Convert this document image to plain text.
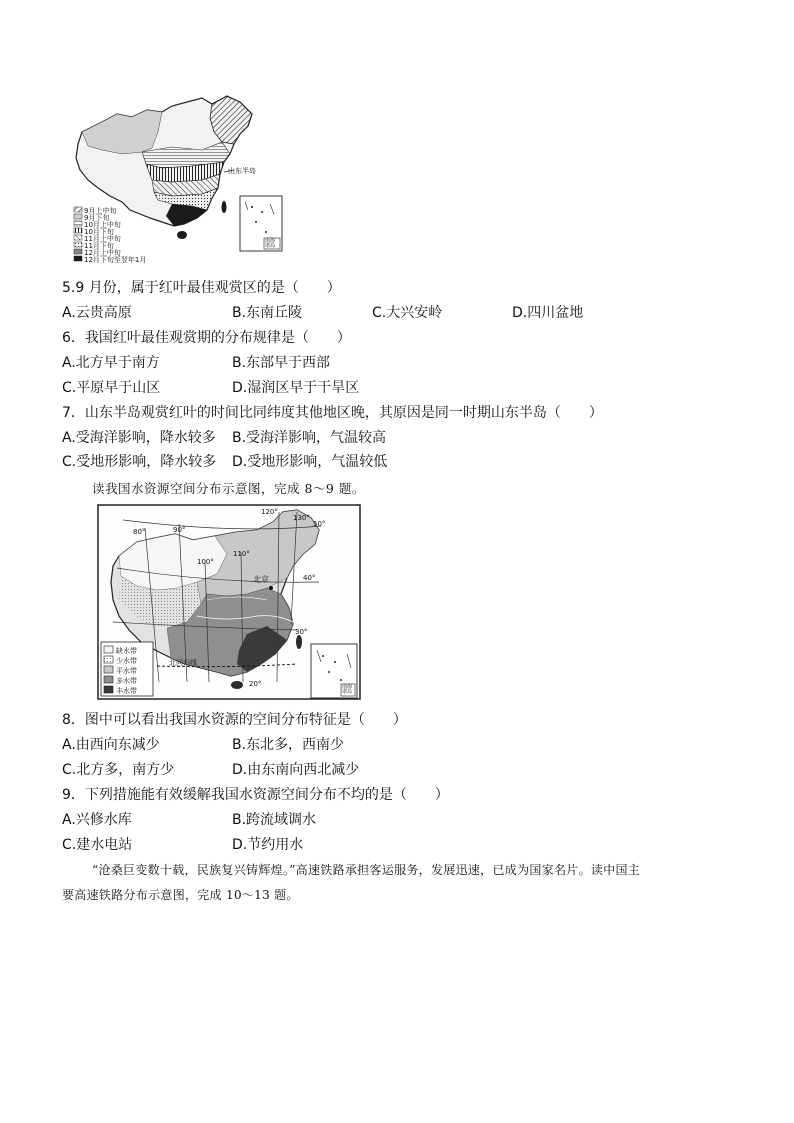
山东半岛
9月上中旬
9月下旬
10月上中旬
10月下旬
11月上中旬
11月下旬
12月上中旬
12月下旬至翌年1月
南海诸岛
5.9 月份，属于红叶最佳观赏区的是（　　）
A.云贵高原	B.东南丘陵	C.大兴安岭	D.四川盆地
6．我国红叶最佳观赏期的分布规律是（　　）
A.北方早于南方	B.东部早于西部
C.平原早于山区	D.湿润区早于干旱区
7．山东半岛观赏红叶的时间比同纬度其他地区晚，其原因是同一时期山东半岛（　　）
A.受海洋影响，降水较多 B.受海洋影响，气温较高
C.受地形影响，降水较多 D.受地形影响，气温较低
读我国水资源空间分布示意图，完成 8～9 题。
80°	90°
100°
110°
120°
130°
50°
40°
30°
20°
北京
北回归线
缺水带
少水带
平水带
多水带
丰水带	南海诸岛
8．图中可以看出我国水资源的空间分布特征是（　　）
A.由西向东减少	B.东北多，西南少
C.北方多，南方少	D.由东南向西北减少
9．下列措施能有效缓解我国水资源空间分布不均的是（　　）
A.兴修水库	B.跨流域调水
C.建水电站	D.节约用水
“沧桑巨变数十载，民族复兴铸辉煌。”高速铁路承担客运服务，发展迅速，已成为国家名片。读中国主
要高速铁路分布示意图，完成 10～13 题。
